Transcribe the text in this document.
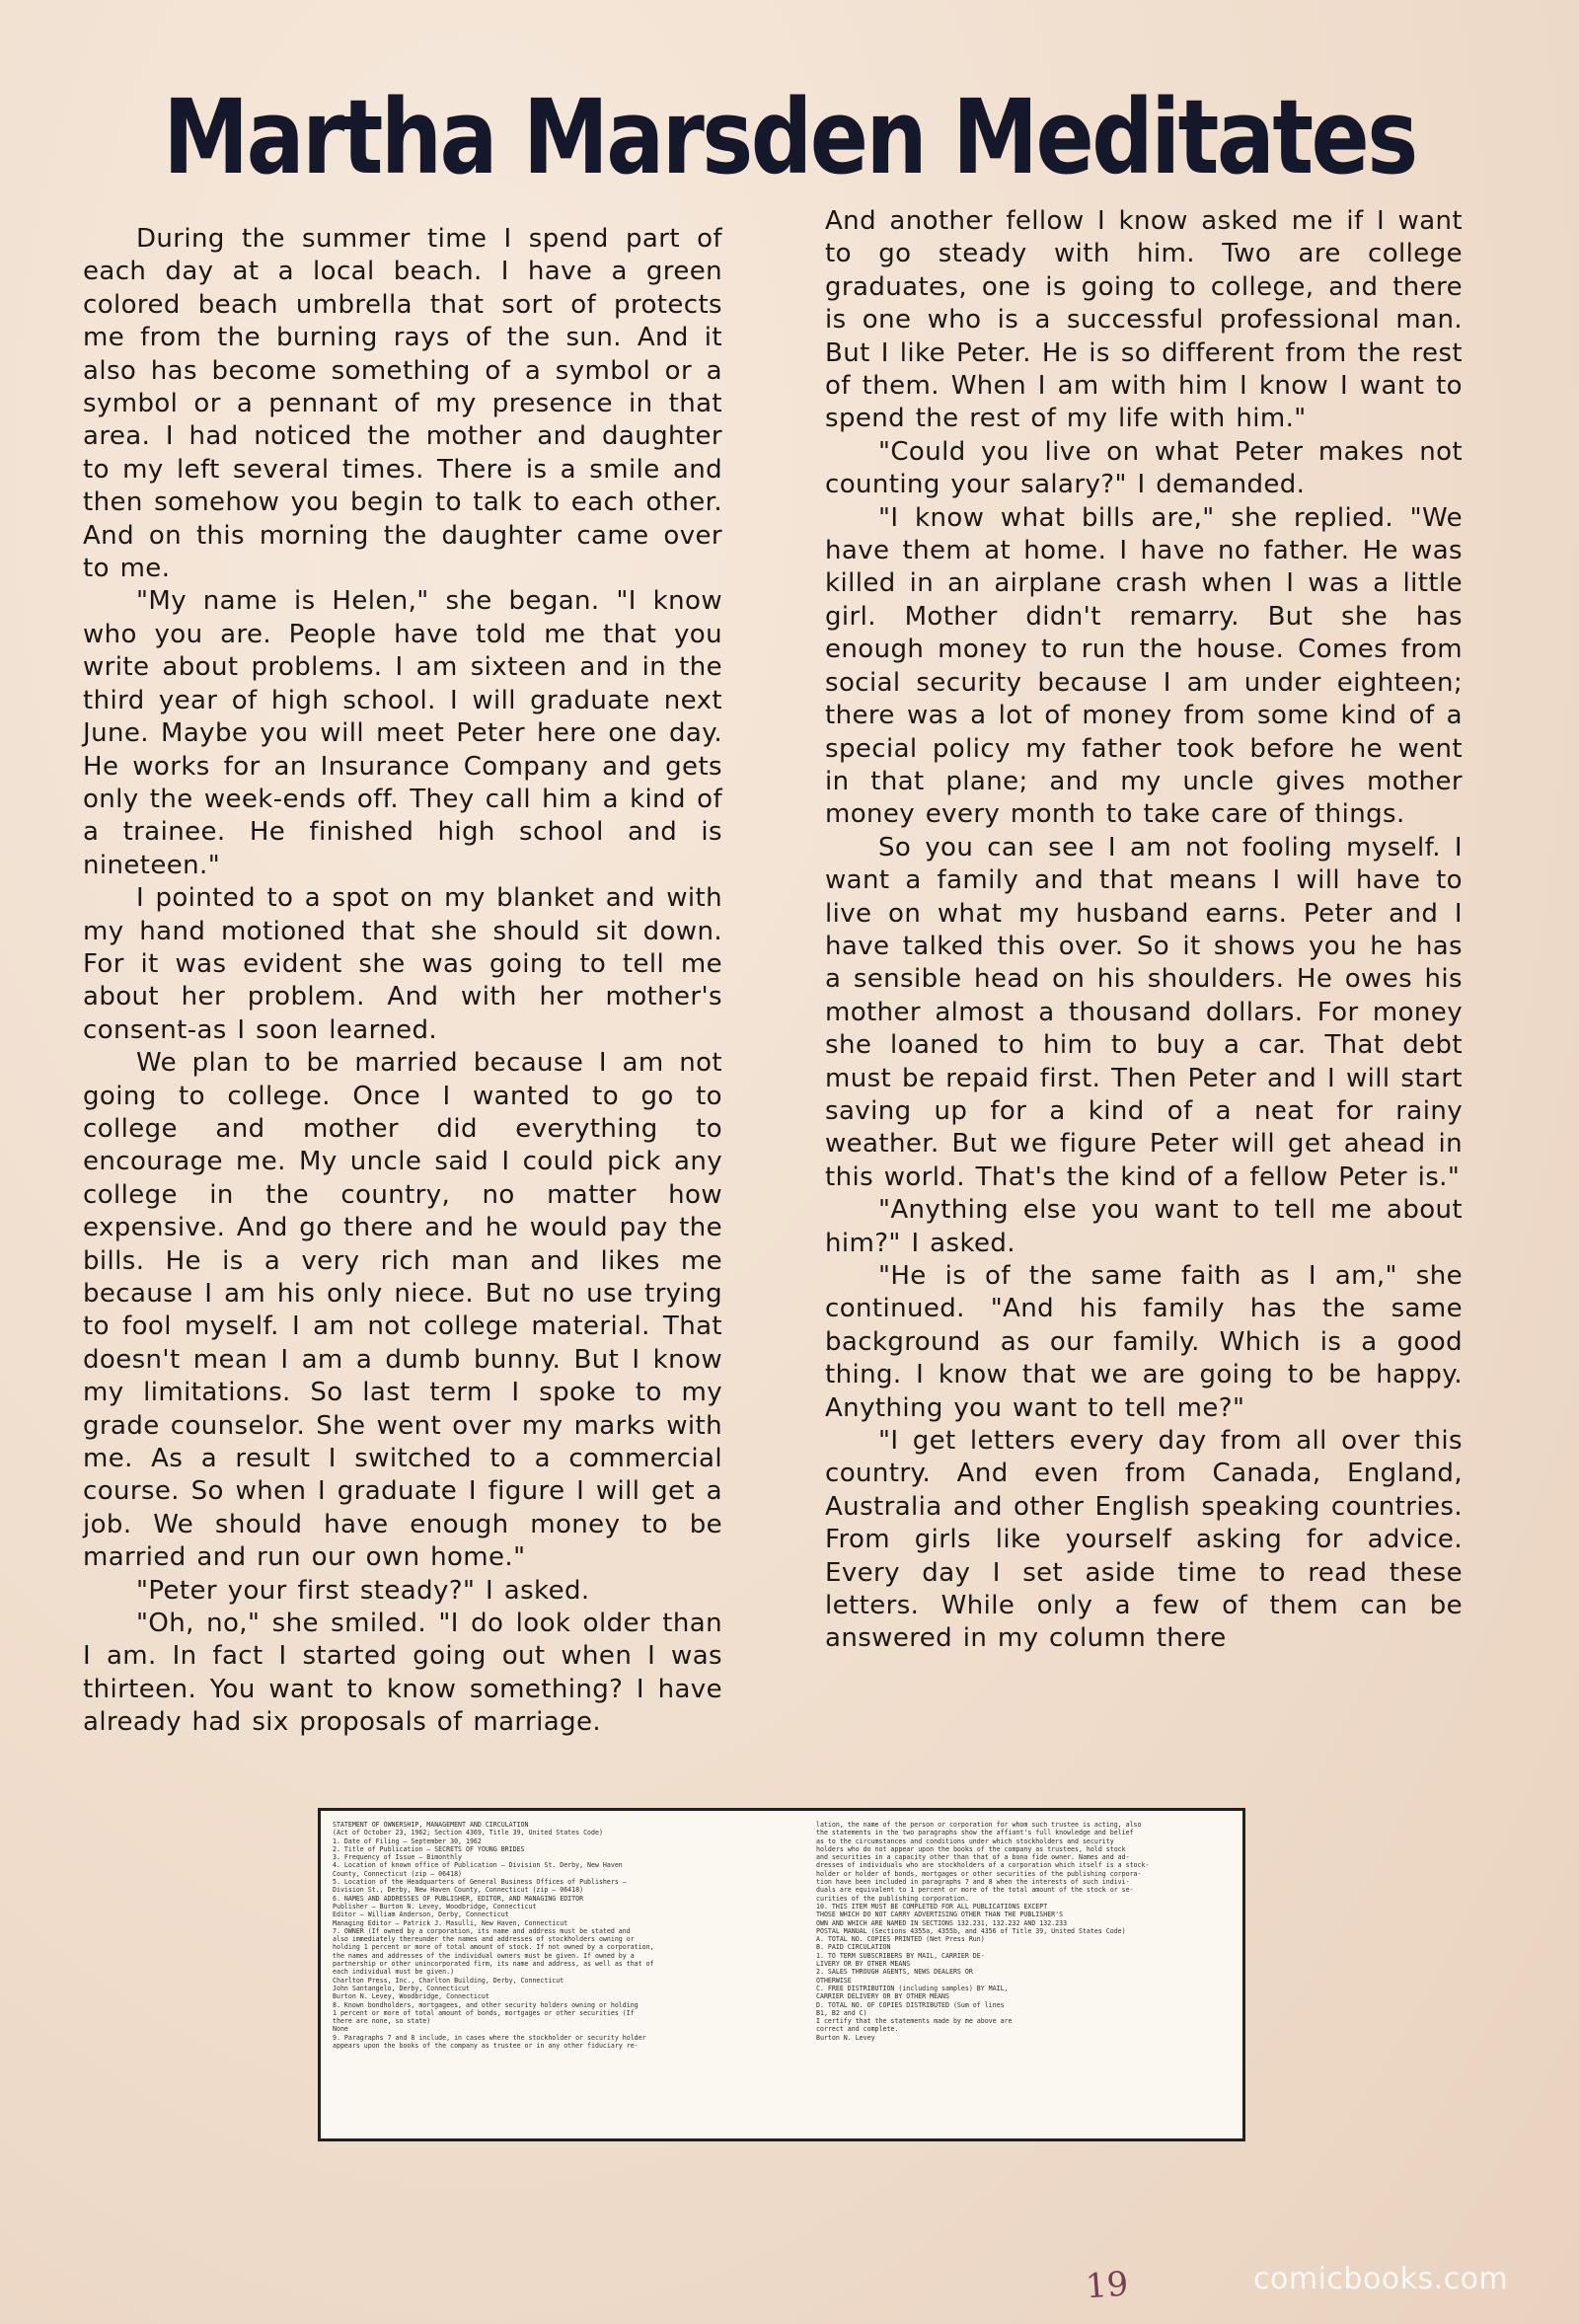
Martha Marsden Meditates

During the summer time I spend part of each day at a local beach. I have a green colored beach umbrella that sort of protects me from the burning rays of the sun. And it also has become something of a symbol or a symbol or a pennant of my presence in that area. I had noticed the mother and daughter to my left several times. There is a smile and then somehow you begin to talk to each other. And on this morning the daughter came over to me.

"My name is Helen," she began. "I know who you are. People have told me that you write about problems. I am sixteen and in the third year of high school. I will graduate next June. Maybe you will meet Peter here one day. He works for an Insurance Company and gets only the week-ends off. They call him a kind of a trainee. He finished high school and is nineteen."

I pointed to a spot on my blanket and with my hand motioned that she should sit down. For it was evident she was going to tell me about her problem. And with her mother's consent-as I soon learned.

We plan to be married because I am not going to college. Once I wanted to go to college and mother did everything to encourage me. My uncle said I could pick any college in the country, no matter how expensive. And go there and he would pay the bills. He is a very rich man and likes me because I am his only niece. But no use trying to fool myself. I am not college material. That doesn't mean I am a dumb bunny. But I know my limitations. So last term I spoke to my grade counselor. She went over my marks with me. As a result I switched to a commercial course. So when I graduate I figure I will get a job. We should have enough money to be married and run our own home."

"Peter your first steady?" I asked.

"Oh, no," she smiled. "I do look older than I am. In fact I started going out when I was thirteen. You want to know something? I have already had six proposals of marriage.

And another fellow I know asked me if I want to go steady with him. Two are college graduates, one is going to college, and there is one who is a successful professional man. But I like Peter. He is so different from the rest of them. When I am with him I know I want to spend the rest of my life with him."

"Could you live on what Peter makes not counting your salary?" I demanded.

"I know what bills are," she replied. "We have them at home. I have no father. He was killed in an airplane crash when I was a little girl. Mother didn't remarry. But she has enough money to run the house. Comes from social security because I am under eighteen; there was a lot of money from some kind of a special policy my father took before he went in that plane; and my uncle gives mother money every month to take care of things.

So you can see I am not fooling myself. I want a family and that means I will have to live on what my husband earns. Peter and I have talked this over. So it shows you he has a sensible head on his shoulders. He owes his mother almost a thousand dollars. For money she loaned to him to buy a car. That debt must be repaid first. Then Peter and I will start saving up for a kind of a neat for rainy weather. But we figure Peter will get ahead in this world. That's the kind of a fellow Peter is."

"Anything else you want to tell me about him?" I asked.

"He is of the same faith as I am," she continued. "And his family has the same background as our family. Which is a good thing. I know that we are going to be happy. Anything you want to tell me?"

"I get letters every day from all over this country. And even from Canada, England, Australia and other English speaking countries. From girls like yourself asking for advice. Every day I set aside time to read these letters. While only a few of them can be answered in my column there

STATEMENT OF OWNERSHIP, MANAGEMENT AND CIRCULATION
(Act of October 23, 1962; Section 4369, Title 39, United States Code)
1. Date of Filing — September 30, 1962
2. Title of Publication — SECRETS OF YOUNG BRIDES
3. Frequency of Issue — Bimonthly
4. Location of known office of Publication — Division St. Derby, New Haven
County, Connecticut (zip — 06418)
5. Location of the Headquarters of General Business Offices of Publishers —
Division St., Derby, New Haven County, Connecticut (zip — 06418)
6. NAMES AND ADDRESSES OF PUBLISHER, EDITOR, AND MANAGING EDITOR
Publisher — Burton N. Levey, Woodbridge, Connecticut
Editor — William Anderson, Derby, Connecticut
Managing Editor — Patrick J. Masulli, New Haven, Connecticut
7. OWNER (If owned by a corporation, its name and address must be stated and
also immediately thereunder the names and addresses of stockholders owning or
holding 1 percent or more of total amount of stock. If not owned by a corporation,
the names and addresses of the individual owners must be given. If owned by a
partnership or other unincorporated firm, its name and address, as well as that of
each individual must be given.)
Charlton Press, Inc., Charlton Building, Derby, Connecticut
John Santangelo, Derby, Connecticut
Burton N. Levey, Woodbridge, Connecticut
8. Known bondholders, mortgagees, and other security holders owning or holding
1 percent or more of total amount of bonds, mortgages or other securities (If
there are none, so state)
None
9. Paragraphs 7 and 8 include, in cases where the stockholder or security holder
appears upon the books of the company as trustee or in any other fiduciary re-
lation, the name of the person or corporation for whom such trustee is acting, also
the statements in the two paragraphs show the affiant's full knowledge and belief
as to the circumstances and conditions under which stockholders and security
holders who do not appear upon the books of the company as trustees, hold stock
and securities in a capacity other than that of a bona fide owner. Names and ad-
dresses of individuals who are stockholders of a corporation which itself is a stock-
holder or holder of bonds, mortgages or other securities of the publishing corpora-
tion have been included in paragraphs 7 and 8 when the interests of such indivi-
duals are equivalent to 1 percent or more of the total amount of the stock or se-
curities of the publishing corporation.
10. THIS ITEM MUST BE COMPLETED FOR ALL PUBLICATIONS EXCEPT
THOSE WHICH DO NOT CARRY ADVERTISING OTHER THAN THE PUBLISHER'S
OWN AND WHICH ARE NAMED IN SECTIONS 132.231, 132.232 AND 132.233
POSTAL MANUAL (Sections 4355a, 4355b, and 4356 of Title 39, United States Code)
A. TOTAL NO. COPIES PRINTED (Net Press Run)
B. PAID CIRCULATION
1. TO TERM SUBSCRIBERS BY MAIL, CARRIER DE-
LIVERY OR BY OTHER MEANS
2. SALES THROUGH AGENTS, NEWS DEALERS OR
OTHERWISE
C. FREE DISTRIBUTION (including samples) BY MAIL,
CARRIER DELIVERY OR BY OTHER MEANS
D. TOTAL NO. OF COPIES DISTRIBUTED (Sum of lines
B1, B2 and C)
I certify that the statements made by me above are
correct and complete.
Burton N. Levey
19	comicbooks.com
